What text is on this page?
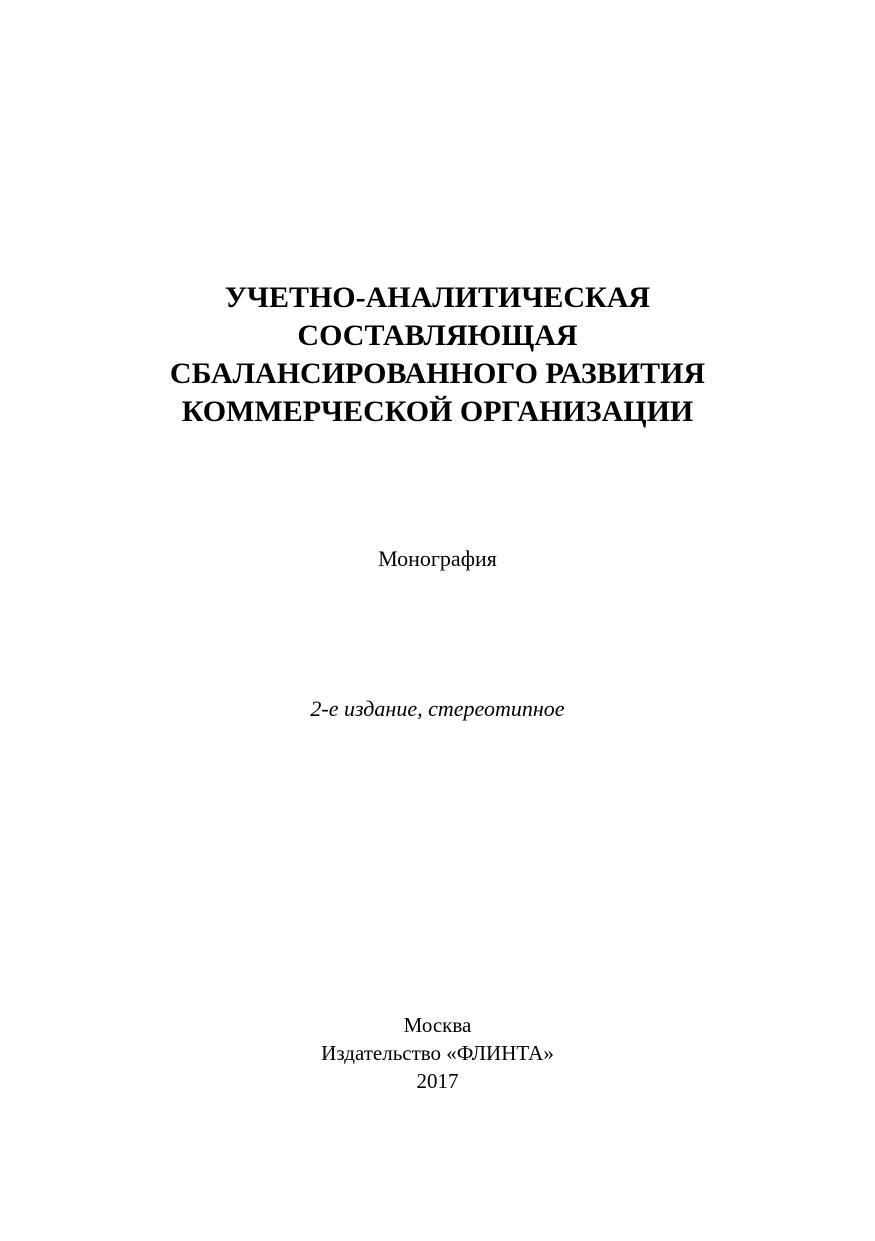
УЧЕТНО-АНАЛИТИЧЕСКАЯ
СОСТАВЛЯЮЩАЯ
СБАЛАНСИРОВАННОГО РАЗВИТИЯ
КОММЕРЧЕСКОЙ ОРГАНИЗАЦИИ
Монография
2-е издание, стереотипное
Москва
Издательство «ФЛИНТА»
2017
